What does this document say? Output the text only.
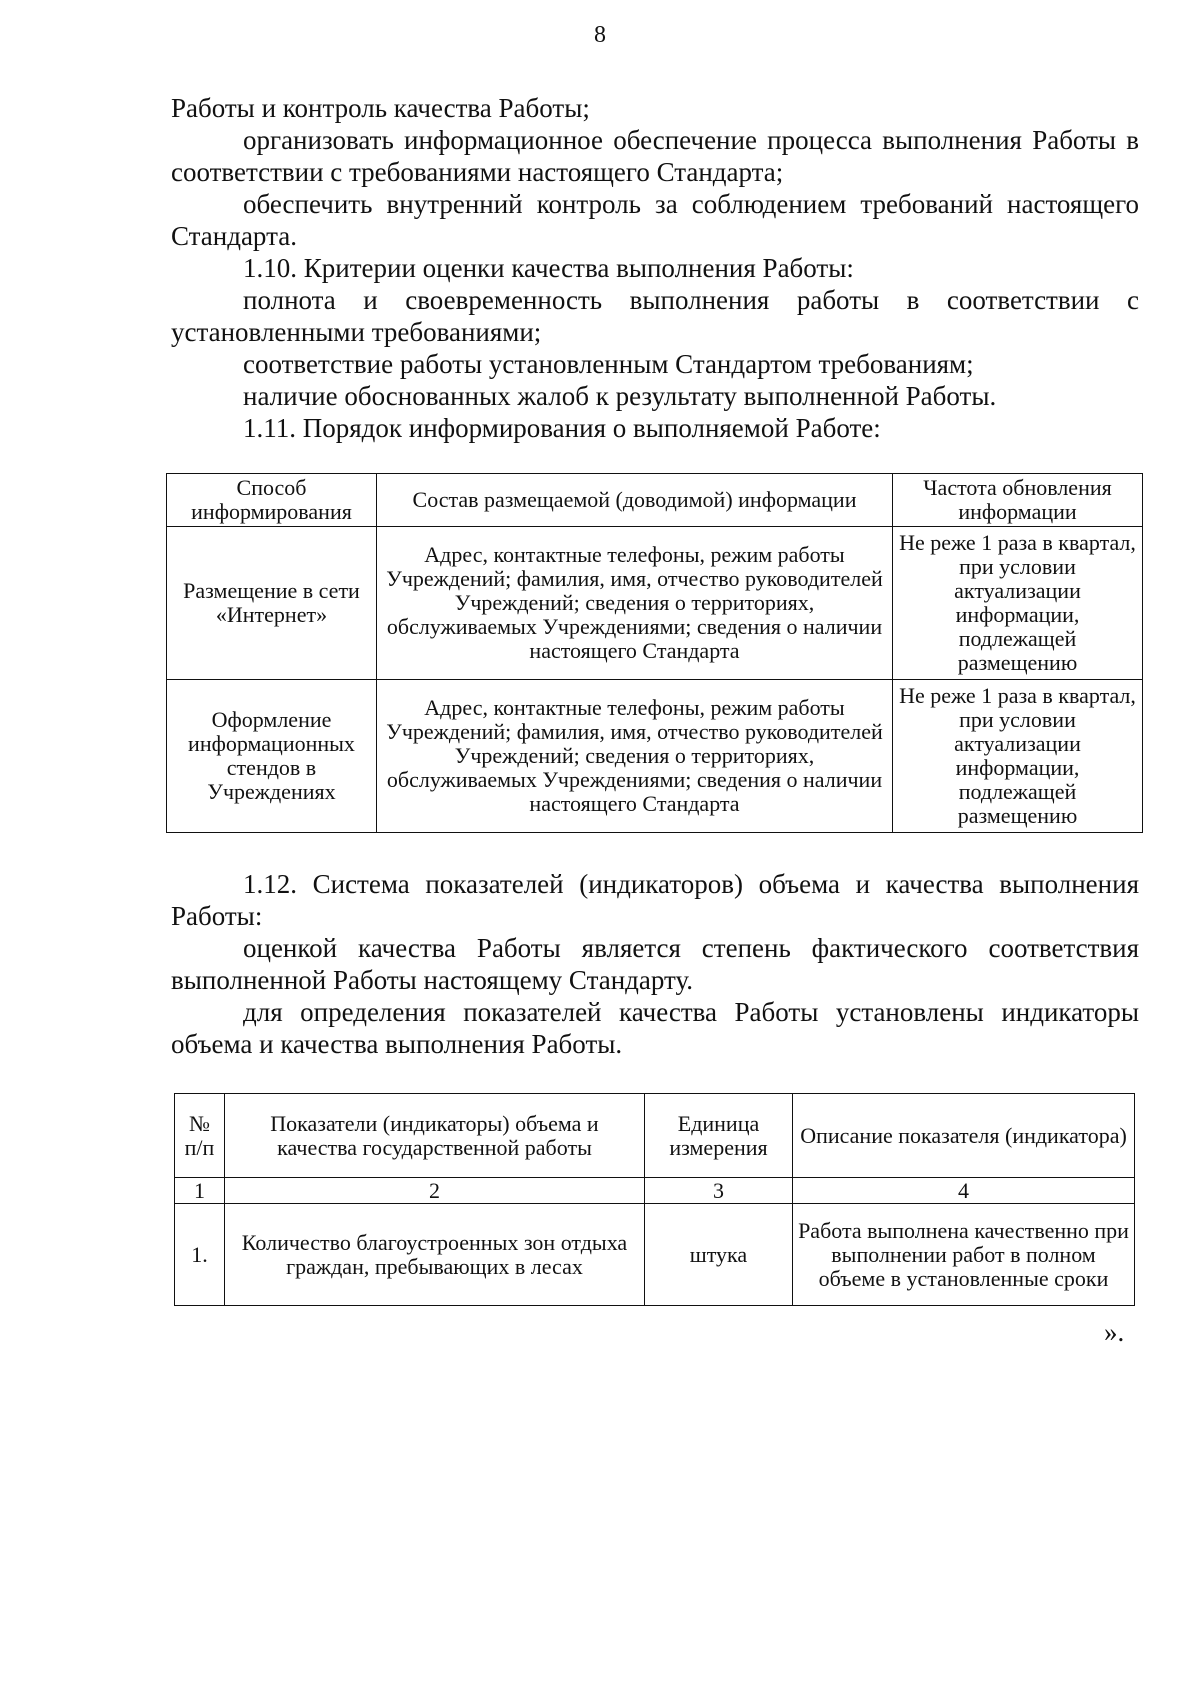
8

Работы и контроль качества Работы;

организовать информационное обеспечение процесса выполнения Работы в соответствии с требованиями настоящего Стандарта;

обеспечить внутренний контроль за соблюдением требований настоящего Стандарта.

1.10. Критерии оценки качества выполнения Работы:

полнота и своевременность выполнения работы в соответствии с установленными требованиями;

соответствие работы установленным Стандартом требованиям;

наличие обоснованных жалоб к результату выполненной Работы.

1.11. Порядок информирования о выполняемой Работе:

Способ информирования	Состав размещаемой (доводимой) информации	Частота обновления информации
Размещение в сети «Интернет»	Адрес, контактные телефоны, режим работы Учреждений; фамилия, имя, отчество руководителей Учреждений; сведения о территориях, обслуживаемых Учреждениями; сведения о наличии настоящего Стандарта	Не реже 1 раза в квартал, при условии актуализации информации, подлежащей размещению
Оформление информационных стендов в Учреждениях	Адрес, контактные телефоны, режим работы Учреждений; фамилия, имя, отчество руководителей Учреждений; сведения о территориях, обслуживаемых Учреждениями; сведения о наличии настоящего Стандарта	Не реже 1 раза в квартал, при условии актуализации информации, подлежащей размещению

1.12. Система показателей (индикаторов) объема и качества выполнения Работы:

оценкой качества Работы является степень фактического соответствия выполненной Работы настоящему Стандарту.

для определения показателей качества Работы установлены индикаторы объема и качества выполнения Работы.

№ п/п	Показатели (индикаторы) объема и качества государственной работы	Единица измерения	Описание показателя (индикатора)
1	2	3	4
1.	Количество благоустроенных зон отдыха граждан, пребывающих в лесах	штука	Работа выполнена качественно при выполнении работ в полном объеме в установленные сроки
».
